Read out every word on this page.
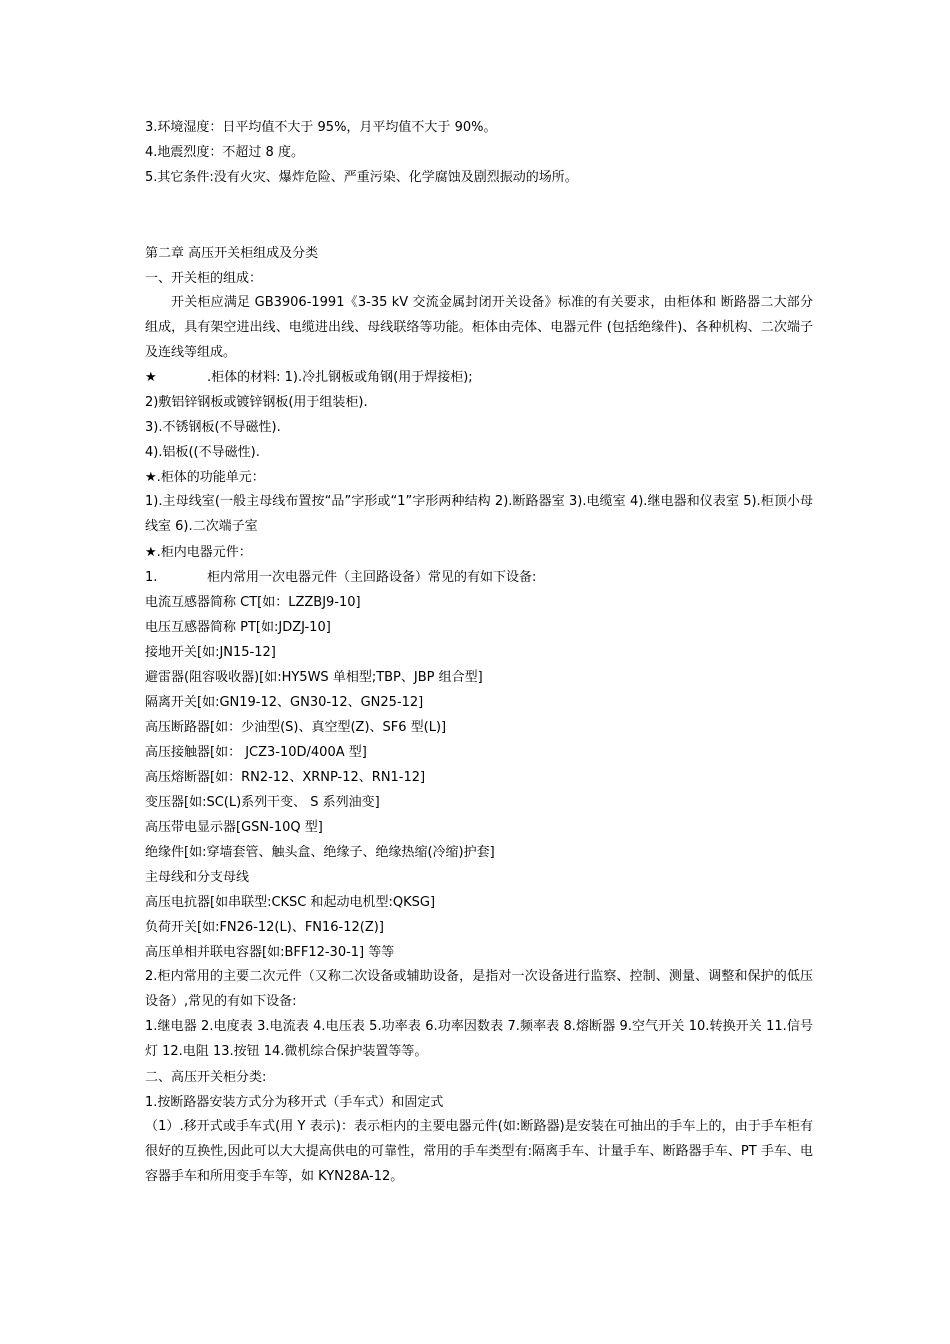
3.环境湿度：日平均值不大于 95%，月平均值不大于 90%。
4.地震烈度：不超过 8 度。
5.其它条件:没有火灾、爆炸危险、严重污染、化学腐蚀及剧烈振动的场所。
第二章 高压开关柜组成及分类
一、开关柜的组成：
开关柜应满足 GB3906-1991《3-35 kV 交流金属封闭开关设备》标准的有关要求，由柜体和 断路器二大部分组成，具有架空进出线、电缆进出线、母线联络等功能。柜体由壳体、电器元件 (包括绝缘件)、各种机构、二次端子及连线等组成。
★	.柜体的材料: 1).冷扎钢板或角钢(用于焊接柜);
2)敷铝锌钢板或镀锌钢板(用于组装柜).
3).不锈钢板(不导磁性).
4).铝板((不导磁性).
★.柜体的功能单元：
1).主母线室(一般主母线布置按“品”字形或“1”字形两种结构 2).断路器室 3).电缆室 4).继电器和仪表室 5).柜顶小母线室 6).二次端子室
★.柜内电器元件：
1.	柜内常用一次电器元件（主回路设备）常见的有如下设备:
电流互感器简称 CT[如：LZZBJ9-10]
电压互感器简称 PT[如:JDZJ-10]
接地开关[如:JN15-12]
避雷器(阻容吸收器)[如:HY5WS 单相型;TBP、JBP 组合型]
隔离开关[如:GN19-12、GN30-12、GN25-12]
高压断路器[如：少油型(S)、真空型(Z)、SF6 型(L)]
高压接触器[如： JCZ3-10D/400A 型]
高压熔断器[如：RN2-12、XRNP-12、RN1-12]
变压器[如:SC(L)系列干变、 S 系列油变]
高压带电显示器[GSN-10Q 型]
绝缘件[如:穿墙套管、触头盒、绝缘子、绝缘热缩(冷缩)护套]
主母线和分支母线
高压电抗器[如串联型:CKSC 和起动电机型:QKSG]
负荷开关[如:FN26-12(L)、FN16-12(Z)]
高压单相并联电容器[如:BFF12-30-1] 等等
2.柜内常用的主要二次元件（又称二次设备或辅助设备，是指对一次设备进行监察、控制、测量、调整和保护的低压设备）,常见的有如下设备:
1.继电器 2.电度表 3.电流表 4.电压表 5.功率表 6.功率因数表 7.频率表 8.熔断器 9.空气开关 10.转换开关 11.信号灯 12.电阻 13.按钮 14.微机综合保护装置等等。
二、高压开关柜分类:
1.按断路器安装方式分为移开式（手车式）和固定式
（1）.移开式或手车式(用 Y 表示)：表示柜内的主要电器元件(如:断路器)是安装在可抽出的手车上的，由于手车柜有很好的互换性,因此可以大大提高供电的可靠性，常用的手车类型有:隔离手车、计量手车、断路器手车、PT 手车、电容器手车和所用变手车等，如 KYN28A-12。
